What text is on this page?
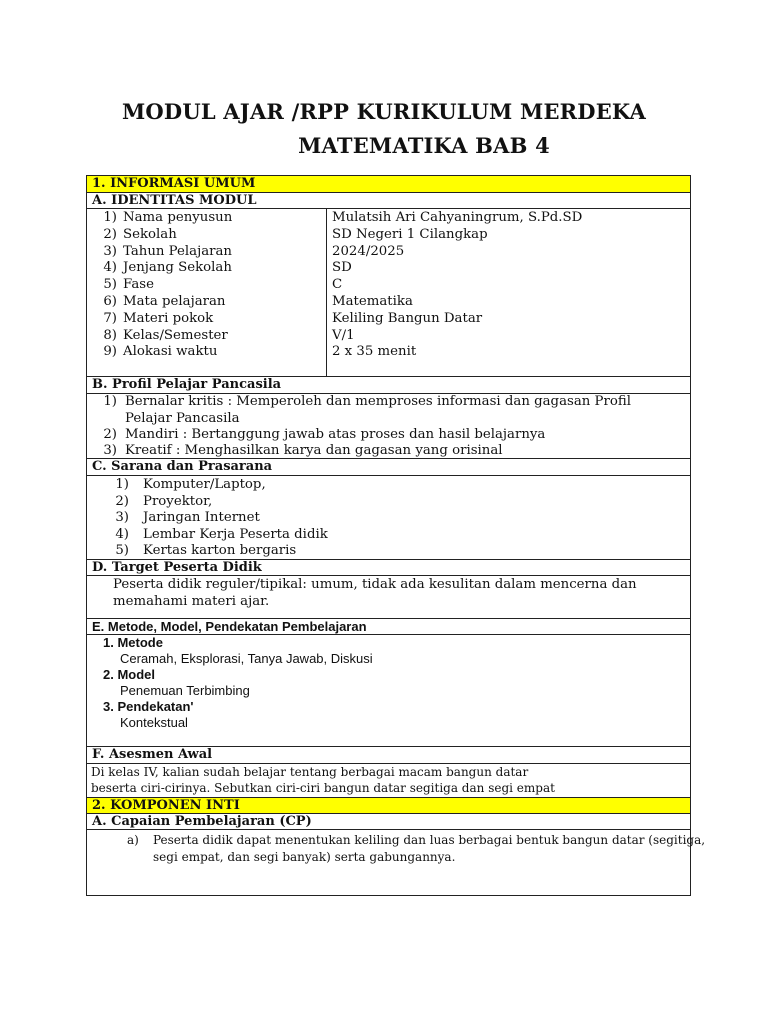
MODUL AJAR /RPP KURIKULUM MERDEKA
MATEMATIKA BAB 4
1. INFORMASI UMUM
A. IDENTITAS MODUL
1) Nama penyusun	Mulatsih Ari Cahyaningrum, S.Pd.SD
2) Sekolah	SD Negeri 1 Cilangkap
3) Tahun Pelajaran	2024/2025
4) Jenjang Sekolah	SD
5) Fase	C
6) Mata pelajaran	Matematika
7) Materi pokok	Keliling Bangun Datar
8) Kelas/Semester	V/1
9) Alokasi waktu	2 x 35 menit
B. Profil Pelajar Pancasila
1) Bernalar kritis : Memperoleh dan memproses informasi dan gagasan Profil
Pelajar Pancasila
2) Mandiri : Bertanggung jawab atas proses dan hasil belajarnya
3) Kreatif : Menghasilkan karya dan gagasan yang orisinal
C. Sarana dan Prasarana
1) Komputer/Laptop,
2) Proyektor,
3) Jaringan Internet
4) Lembar Kerja Peserta didik
5) Kertas karton bergaris
D. Target Peserta Didik
Peserta didik reguler/tipikal: umum, tidak ada kesulitan dalam mencerna dan
memahami materi ajar.
E. Metode, Model, Pendekatan Pembelajaran
1. Metode
Ceramah, Eksplorasi, Tanya Jawab, Diskusi
2. Model
Penemuan Terbimbing
3. Pendekatan'
Kontekstual
F. Asesmen Awal
Di kelas IV, kalian sudah belajar tentang berbagai macam bangun datar
beserta ciri-cirinya. Sebutkan ciri-ciri bangun datar segitiga dan segi empat
2. KOMPONEN INTI
A. Capaian Pembelajaran (CP)
a) Peserta didik dapat menentukan keliling dan luas berbagai bentuk bangun datar (segitiga,
segi empat, dan segi banyak) serta gabungannya.
